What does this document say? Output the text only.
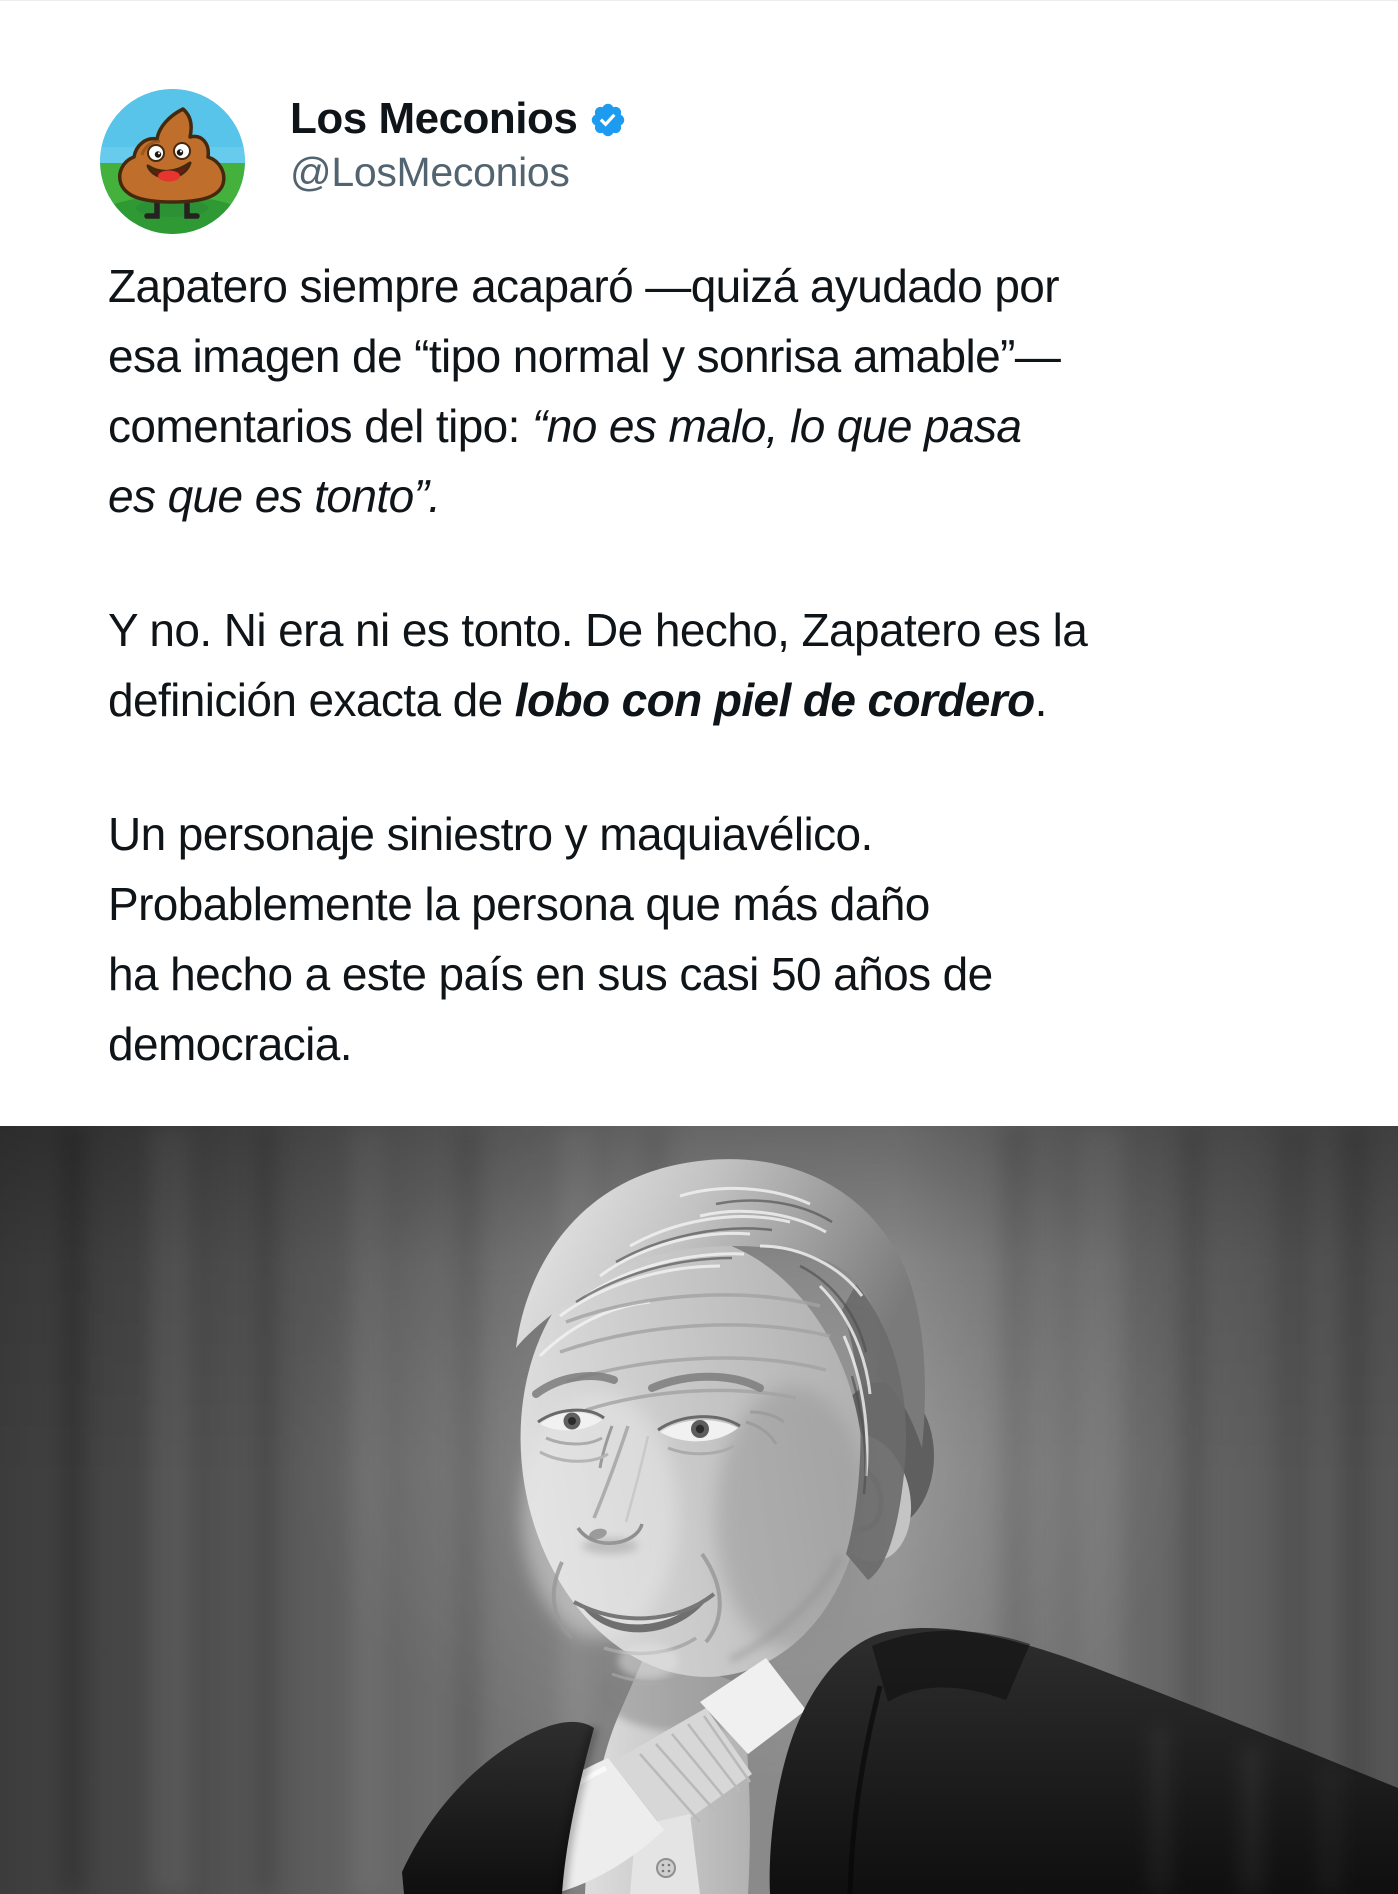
Los Meconios
@LosMeconios

Zapatero siempre acaparó —quizá ayudado por
esa imagen de “tipo normal y sonrisa amable”—
comentarios del tipo: “no es malo, lo que pasa
es que es tonto”.

Y no. Ni era ni es tonto. De hecho, Zapatero es la
definición exacta de lobo con piel de cordero.

Un personaje siniestro y maquiavélico.
Probablemente la persona que más daño
ha hecho a este país en sus casi 50 años de
democracia.
